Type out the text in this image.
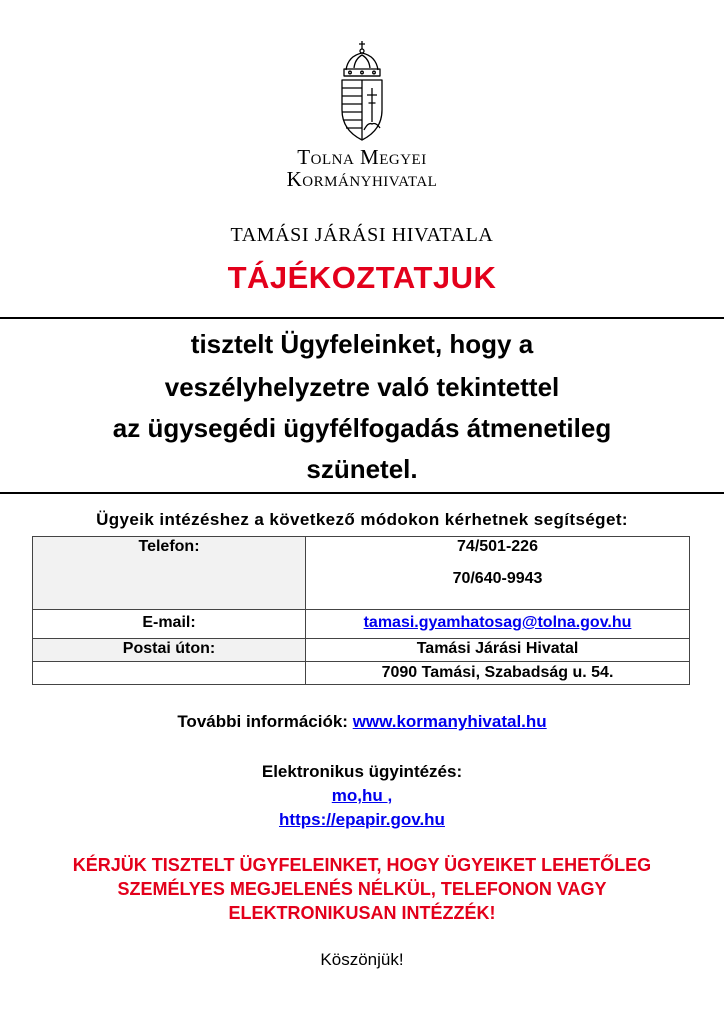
Tolna Megyei
Kormányhivatal
TAMÁSI JÁRÁSI HIVATALA
TÁJÉKOZTATJUK
tisztelt Ügyfeleinket, hogy a
veszélyhelyzetre való tekintettel
az ügysegédi ügyfélfogadás átmenetileg
szünetel.
Ügyeik intézéshez a következő módokon kérhetnek segítséget:
Telefon:	74/501-226
70/640-9943

E-mail:	tamasi.gyamhatosag@tolna.gov.hu

Postai úton:	Tamási Járási Hivatal

	7090 Tamási, Szabadság u. 54.
További információk: www.kormanyhivatal.hu
Elektronikus ügyintézés:
mo,hu ,
https://epapir.gov.hu
KÉRJÜK TISZTELT ÜGYFELEINKET, HOGY ÜGYEIKET LEHETŐLEG
SZEMÉLYES MEGJELENÉS NÉLKÜL, TELEFONON VAGY
ELEKTRONIKUSAN INTÉZZÉK!
Köszönjük!
